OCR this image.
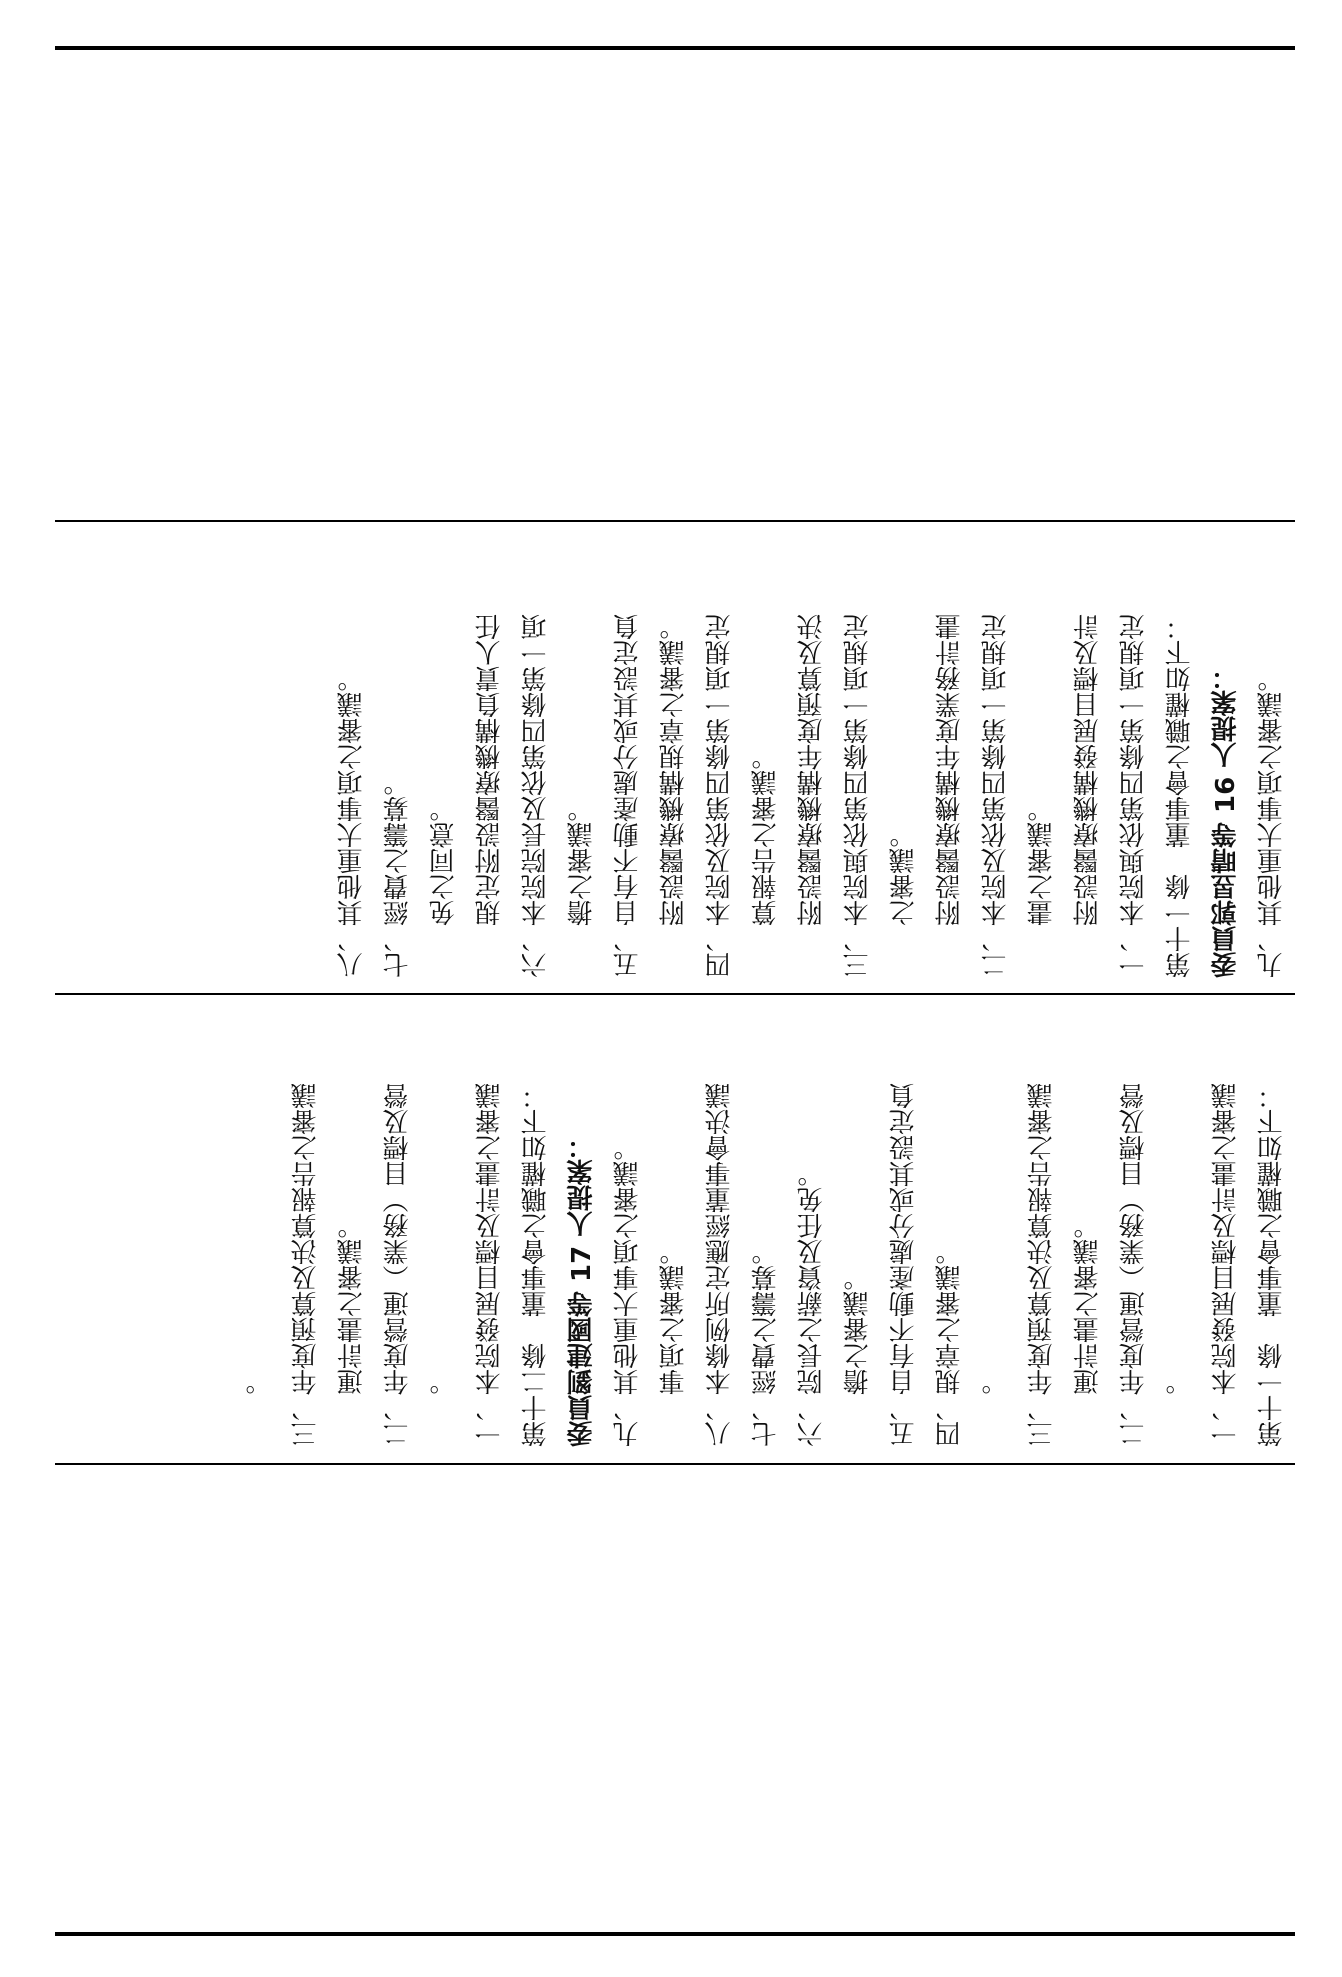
九、其他重大事項之審議。
委員郭昱晴等 16 人提案：
第十一條　董事會之職權如下：
一、本院與依第四條第一項規定
　　附設醫療機構發展目標及計
　　畫之審議。
二、本院及依第四條第一項規定
　　附設醫療機構年度業務計畫
　　之審議。
三、本院與依第四條第一項規定
　　附設醫療機構年度預算及決
　　算報告之審議。
四、本院及依第四條第一項規定
　　附設醫療機構規章之審議。
五、自有不動產處分或其設定負
　　擔之審議。
六、本院院長及依第四條第一項
　　規定附設醫療機構負責人任
　　免之同意。
七、經費之籌募。
八、其他重大事項之審議。
第十一條　董事會之職權如下：
一、本院發展目標及計畫之審議
　　。
二、年度營運（業務）目標及營
　　運計畫之審議。
三、年度預算及決算報告之審議
　　。
四、規章之審議。
五、自有不動產處分或其設定負
　　擔之審議。
六、院長之薪資及任免。
七、經費之籌募。
八、本條例所定應經董事會決議
　　事項之審議。
九、其他重大事項之審議。
委員劉建國等 17 人提案：
第十二條　董事會之職權如下：
一、本院發展目標及計畫之審議
　　。
二、年度營運（業務）目標及營
　　運計畫之審議。
三、年度預算及決算報告之審議
　　。
